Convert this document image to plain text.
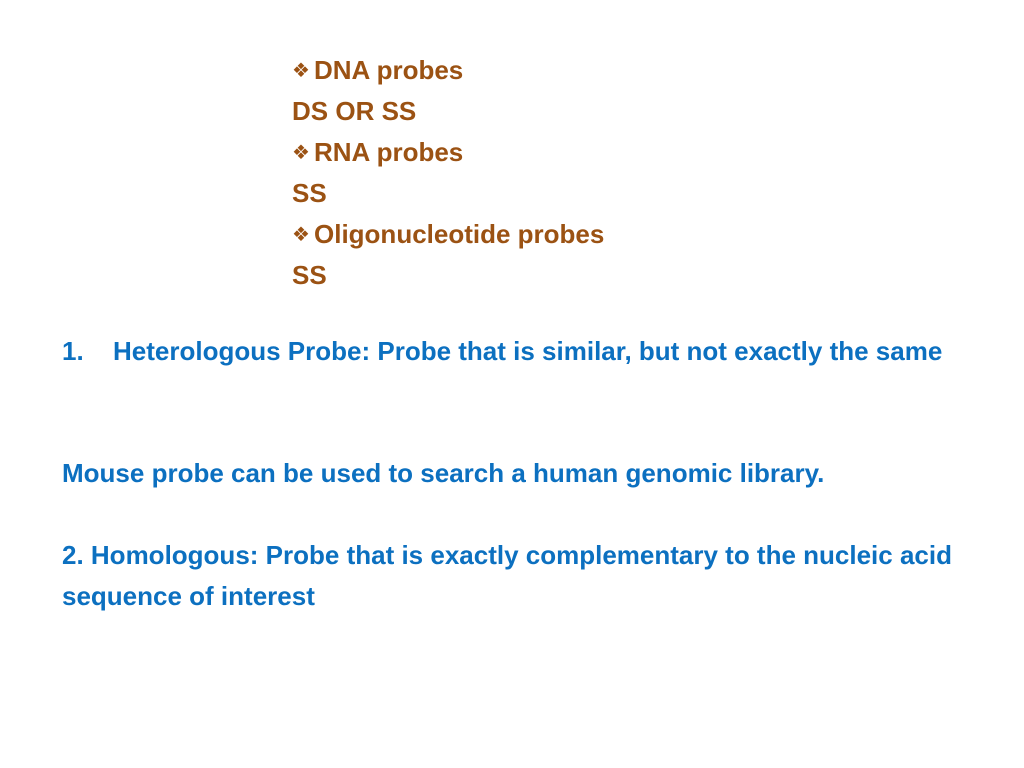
❖ DNA probes
DS OR SS
❖ RNA probes
SS
❖ Oligonucleotide probes
SS
1. Heterologous Probe: Probe that is similar, but not exactly the same
Mouse probe can be used to search a human genomic library.
2. Homologous: Probe that is exactly complementary to the nucleic acid sequence of interest
